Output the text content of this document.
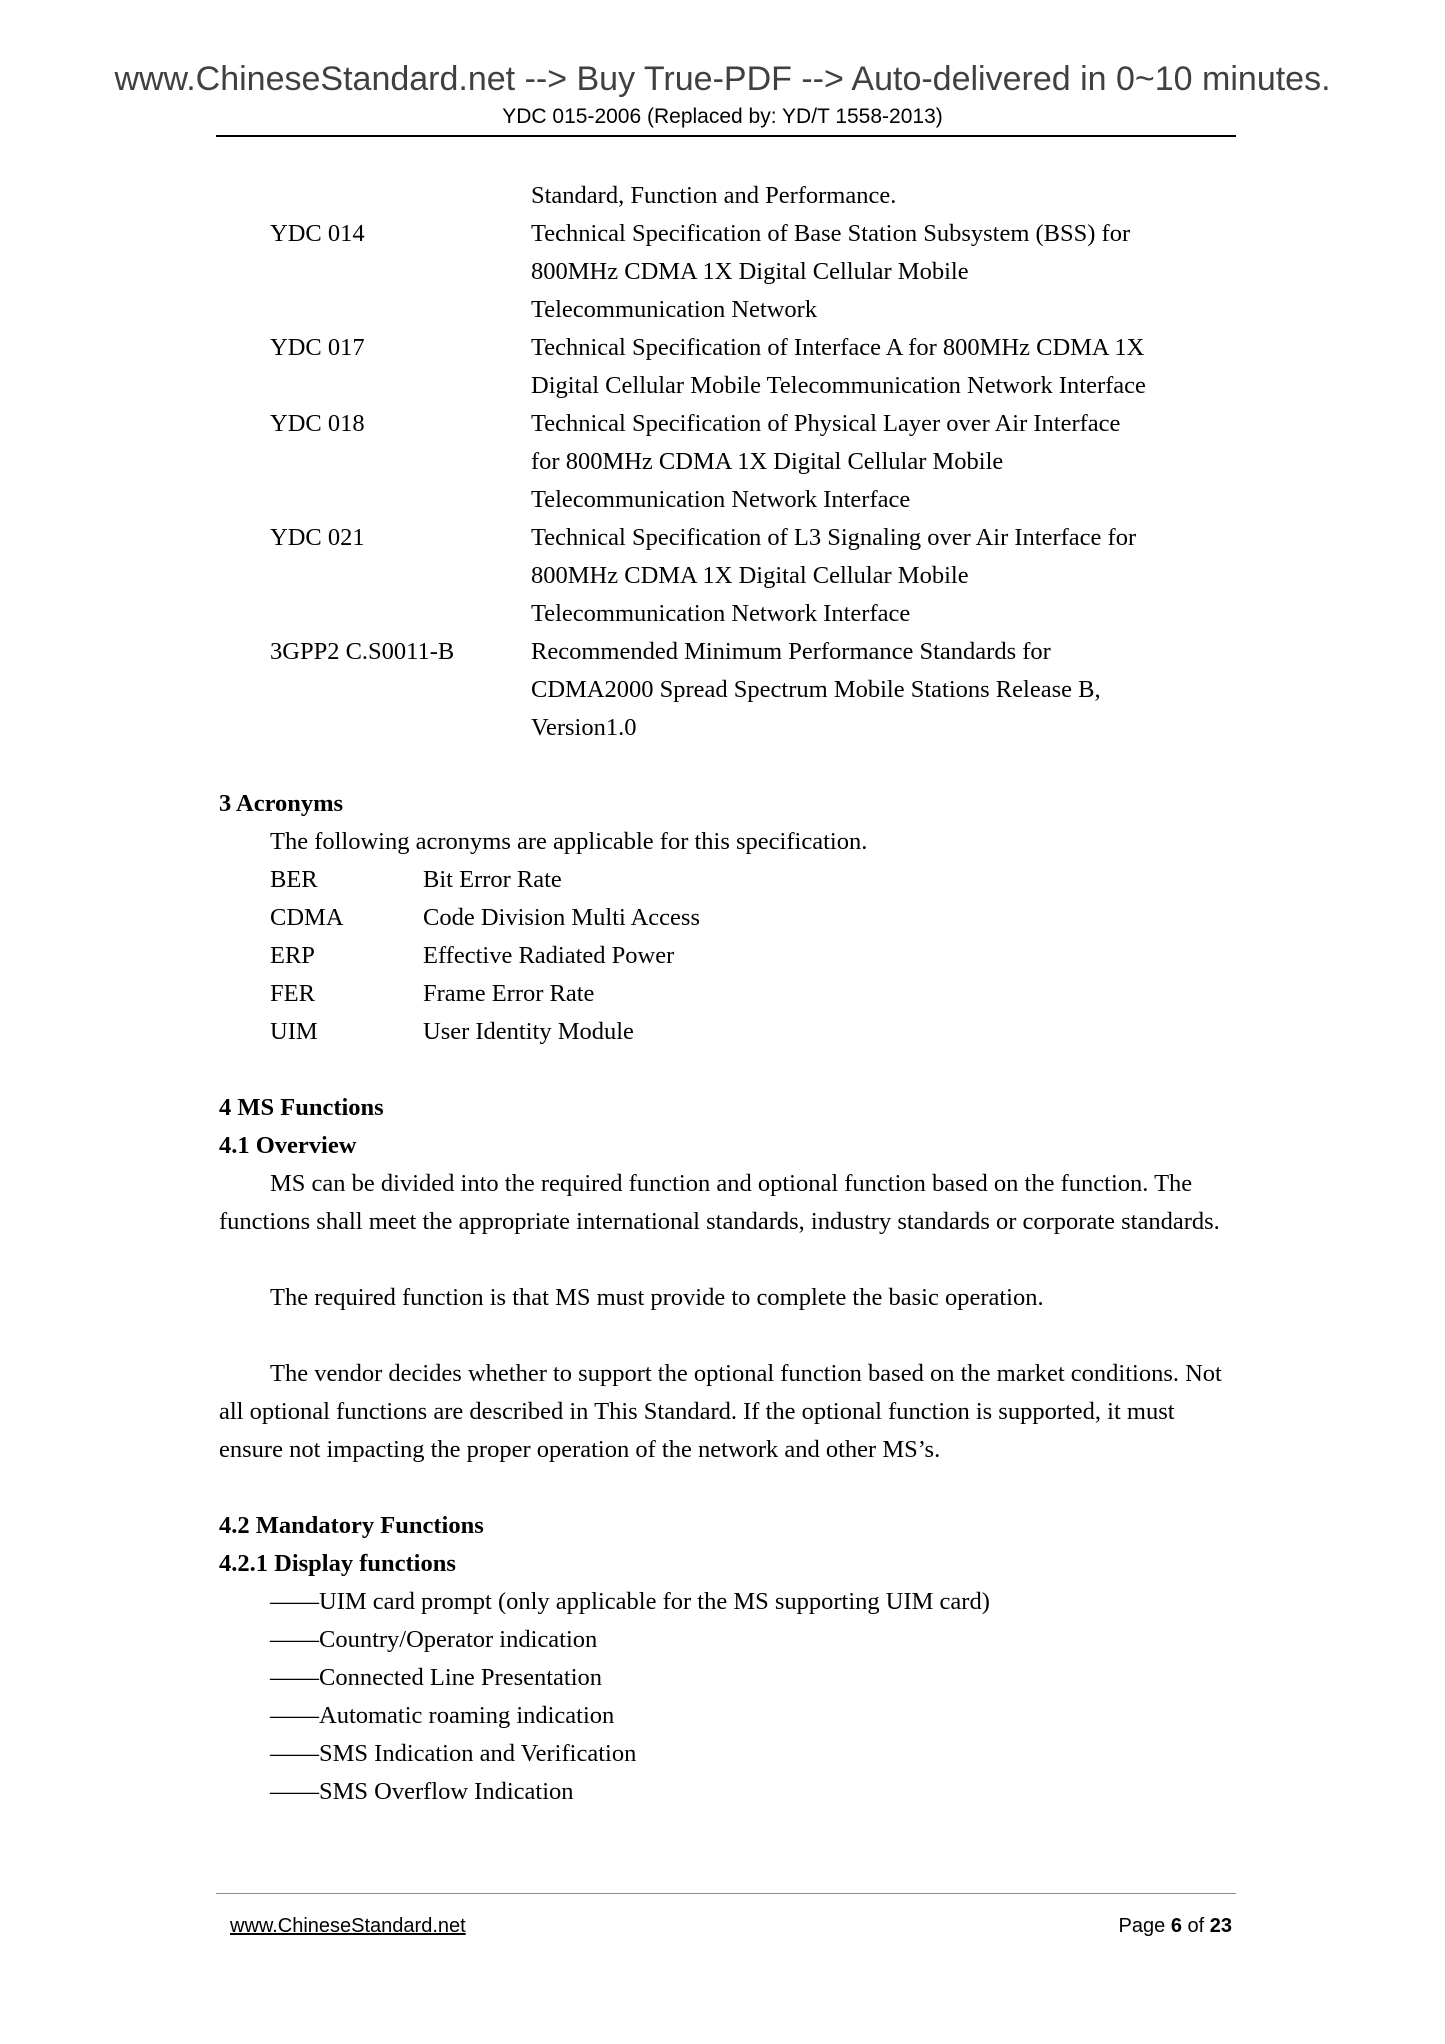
www.ChineseStandard.net --> Buy True-PDF --> Auto-delivered in 0~10 minutes.
YDC 015-2006 (Replaced by: YD/T 1558-2013)
Standard, Function and Performance.
YDC 014	Technical Specification of Base Station Subsystem (BSS) for
800MHz CDMA 1X Digital Cellular Mobile
Telecommunication Network
YDC 017	Technical Specification of Interface A for 800MHz CDMA 1X
Digital Cellular Mobile Telecommunication Network Interface
YDC 018	Technical Specification of Physical Layer over Air Interface
for 800MHz CDMA 1X Digital Cellular Mobile
Telecommunication Network Interface
YDC 021	Technical Specification of L3 Signaling over Air Interface for
800MHz CDMA 1X Digital Cellular Mobile
Telecommunication Network Interface
3GPP2 C.S0011-B	Recommended Minimum Performance Standards for
CDMA2000 Spread Spectrum Mobile Stations Release B,
Version1.0
3 Acronyms
The following acronyms are applicable for this specification.
BER	Bit Error Rate
CDMA	Code Division Multi Access
ERP	Effective Radiated Power
FER	Frame Error Rate
UIM	User Identity Module
4 MS Functions
4.1 Overview
MS can be divided into the required function and optional function based on the function. The functions shall meet the appropriate international standards, industry standards or corporate standards.
The required function is that MS must provide to complete the basic operation.
The vendor decides whether to support the optional function based on the market conditions. Not all optional functions are described in This Standard. If the optional function is supported, it must ensure not impacting the proper operation of the network and other MS’s.
4.2 Mandatory Functions
4.2.1 Display functions
——UIM card prompt (only applicable for the MS supporting UIM card)
——Country/Operator indication
——Connected Line Presentation
——Automatic roaming indication
——SMS Indication and Verification
——SMS Overflow Indication
www.ChineseStandard.net	Page 6 of 23
